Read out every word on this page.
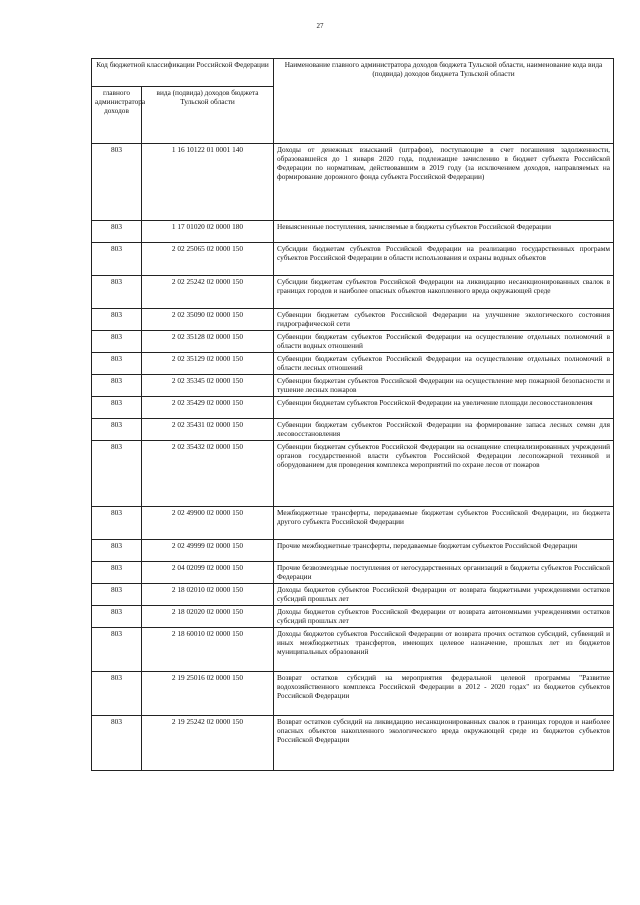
27
Код бюджетной классификации Российской Федерации		Наименование главного администратора доходов бюджета Тульской области, наименование кода вида (подвида) доходов бюджета Тульской области
главного администратора доходов	вида (подвида) доходов бюджета Тульской области	
803	1 16 10122 01 0001 140	Доходы от денежных взысканий (штрафов), поступающие в счет погашения задолженности, образовавшейся до 1 января 2020 года, подлежащие зачислению в бюджет субъекта Российской Федерации по нормативам, действовавшим в 2019 году (за исключением доходов, направляемых на формирование дорожного фонда субъекта Российской Федерации)
803	1 17 01020 02 0000 180	Невыясненные поступления, зачисляемые в бюджеты субъектов Российской Федерации
803	2 02 25065 02 0000 150	Субсидии бюджетам субъектов Российской Федерации на реализацию государственных программ субъектов Российской Федерации в области использования и охраны водных объектов
803	2 02 25242 02 0000 150	Субсидии бюджетам субъектов Российской Федерации на ликвидацию несанкционированных свалок в границах городов и наиболее опасных объектов накопленного вреда окружающей среде
803	2 02 35090 02 0000 150	Субвенции бюджетам субъектов Российской Федерации на улучшение экологического состояния гидрографической сети
803	2 02 35128 02 0000 150	Субвенции бюджетам субъектов Российской Федерации на осуществление отдельных полномочий в области водных отношений
803	2 02 35129 02 0000 150	Субвенции бюджетам субъектов Российской Федерации на осуществление отдельных полномочий в области лесных отношений
803	2 02 35345 02 0000 150	Субвенции бюджетам субъектов Российской Федерации на осуществление мер пожарной безопасности и тушение лесных пожаров
803	2 02 35429 02 0000 150	Субвенции бюджетам субъектов Российской Федерации на увеличение площади лесовосстановления
803	2 02 35431 02 0000 150	Субвенции бюджетам субъектов Российской Федерации на формирование запаса лесных семян для лесовосстановления
803	2 02 35432 02 0000 150	Субвенции бюджетам субъектов Российской Федерации на оснащение специализированных учреждений органов государственной власти субъектов Российской Федерации лесопожарной техникой и оборудованием для проведения комплекса мероприятий по охране лесов от пожаров
803	2 02 49900 02 0000 150	Межбюджетные трансферты, передаваемые бюджетам субъектов Российской Федерации, из бюджета другого субъекта Российской Федерации
803	2 02 49999 02 0000 150	Прочие межбюджетные трансферты, передаваемые бюджетам субъектов Российской Федерации
803	2 04 02099 02 0000 150	Прочие безвозмездные поступления от негосударственных организаций в бюджеты субъектов Российской Федерации
803	2 18 02010 02 0000 150	Доходы бюджетов субъектов Российской Федерации от возврата бюджетными учреждениями остатков субсидий прошлых лет
803	2 18 02020 02 0000 150	Доходы бюджетов субъектов Российской Федерации от возврата автономными учреждениями остатков субсидий прошлых лет
803	2 18 60010 02 0000 150	Доходы бюджетов субъектов Российской Федерации от возврата прочих остатков субсидий, субвенций и иных межбюджетных трансфертов, имеющих целевое назначение, прошлых лет из бюджетов муниципальных образований
803	2 19 25016 02 0000 150	Возврат остатков субсидий на мероприятия федеральной целевой программы "Развитие водохозяйственного комплекса Российской Федерации в 2012 - 2020 годах" из бюджетов субъектов Российской Федерации
803	2 19 25242 02 0000 150	Возврат остатков субсидий на ликвидацию несанкционированных свалок в границах городов и наиболее опасных объектов накопленного экологического вреда окружающей среде из бюджетов субъектов Российской Федерации
